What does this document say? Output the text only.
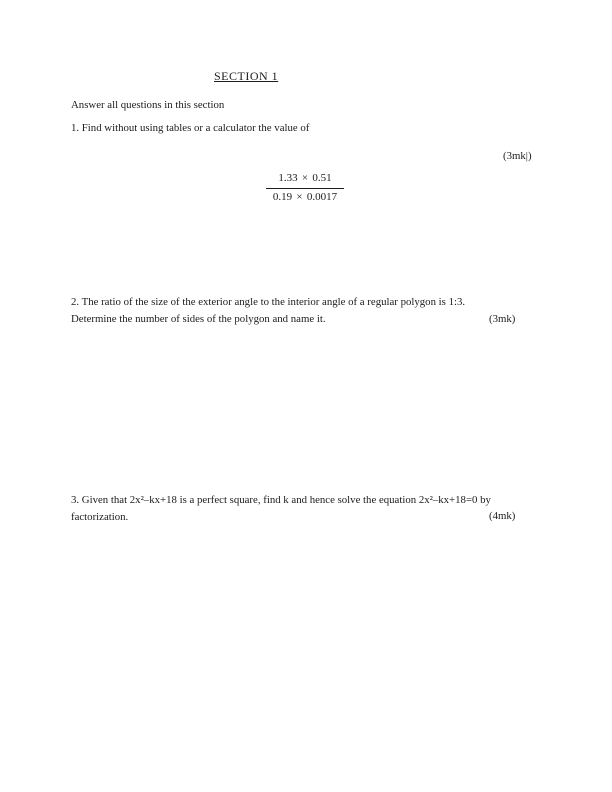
SECTION 1
Answer all questions in this section
1. Find without using tables or a calculator the value of
(3mk|)
$\frac{1.33 \times 0.51}{0.19 \times 0.0017}$
2. The ratio of the size of the exterior angle to the interior angle of a regular polygon is 1:3.
Determine the number of sides of the polygon and name it.	(3mk)
3. Given that 2x²–kx+18 is a perfect square, find k and hence solve the equation 2x²–kx+18=0 by
factorization.	(4mk)
